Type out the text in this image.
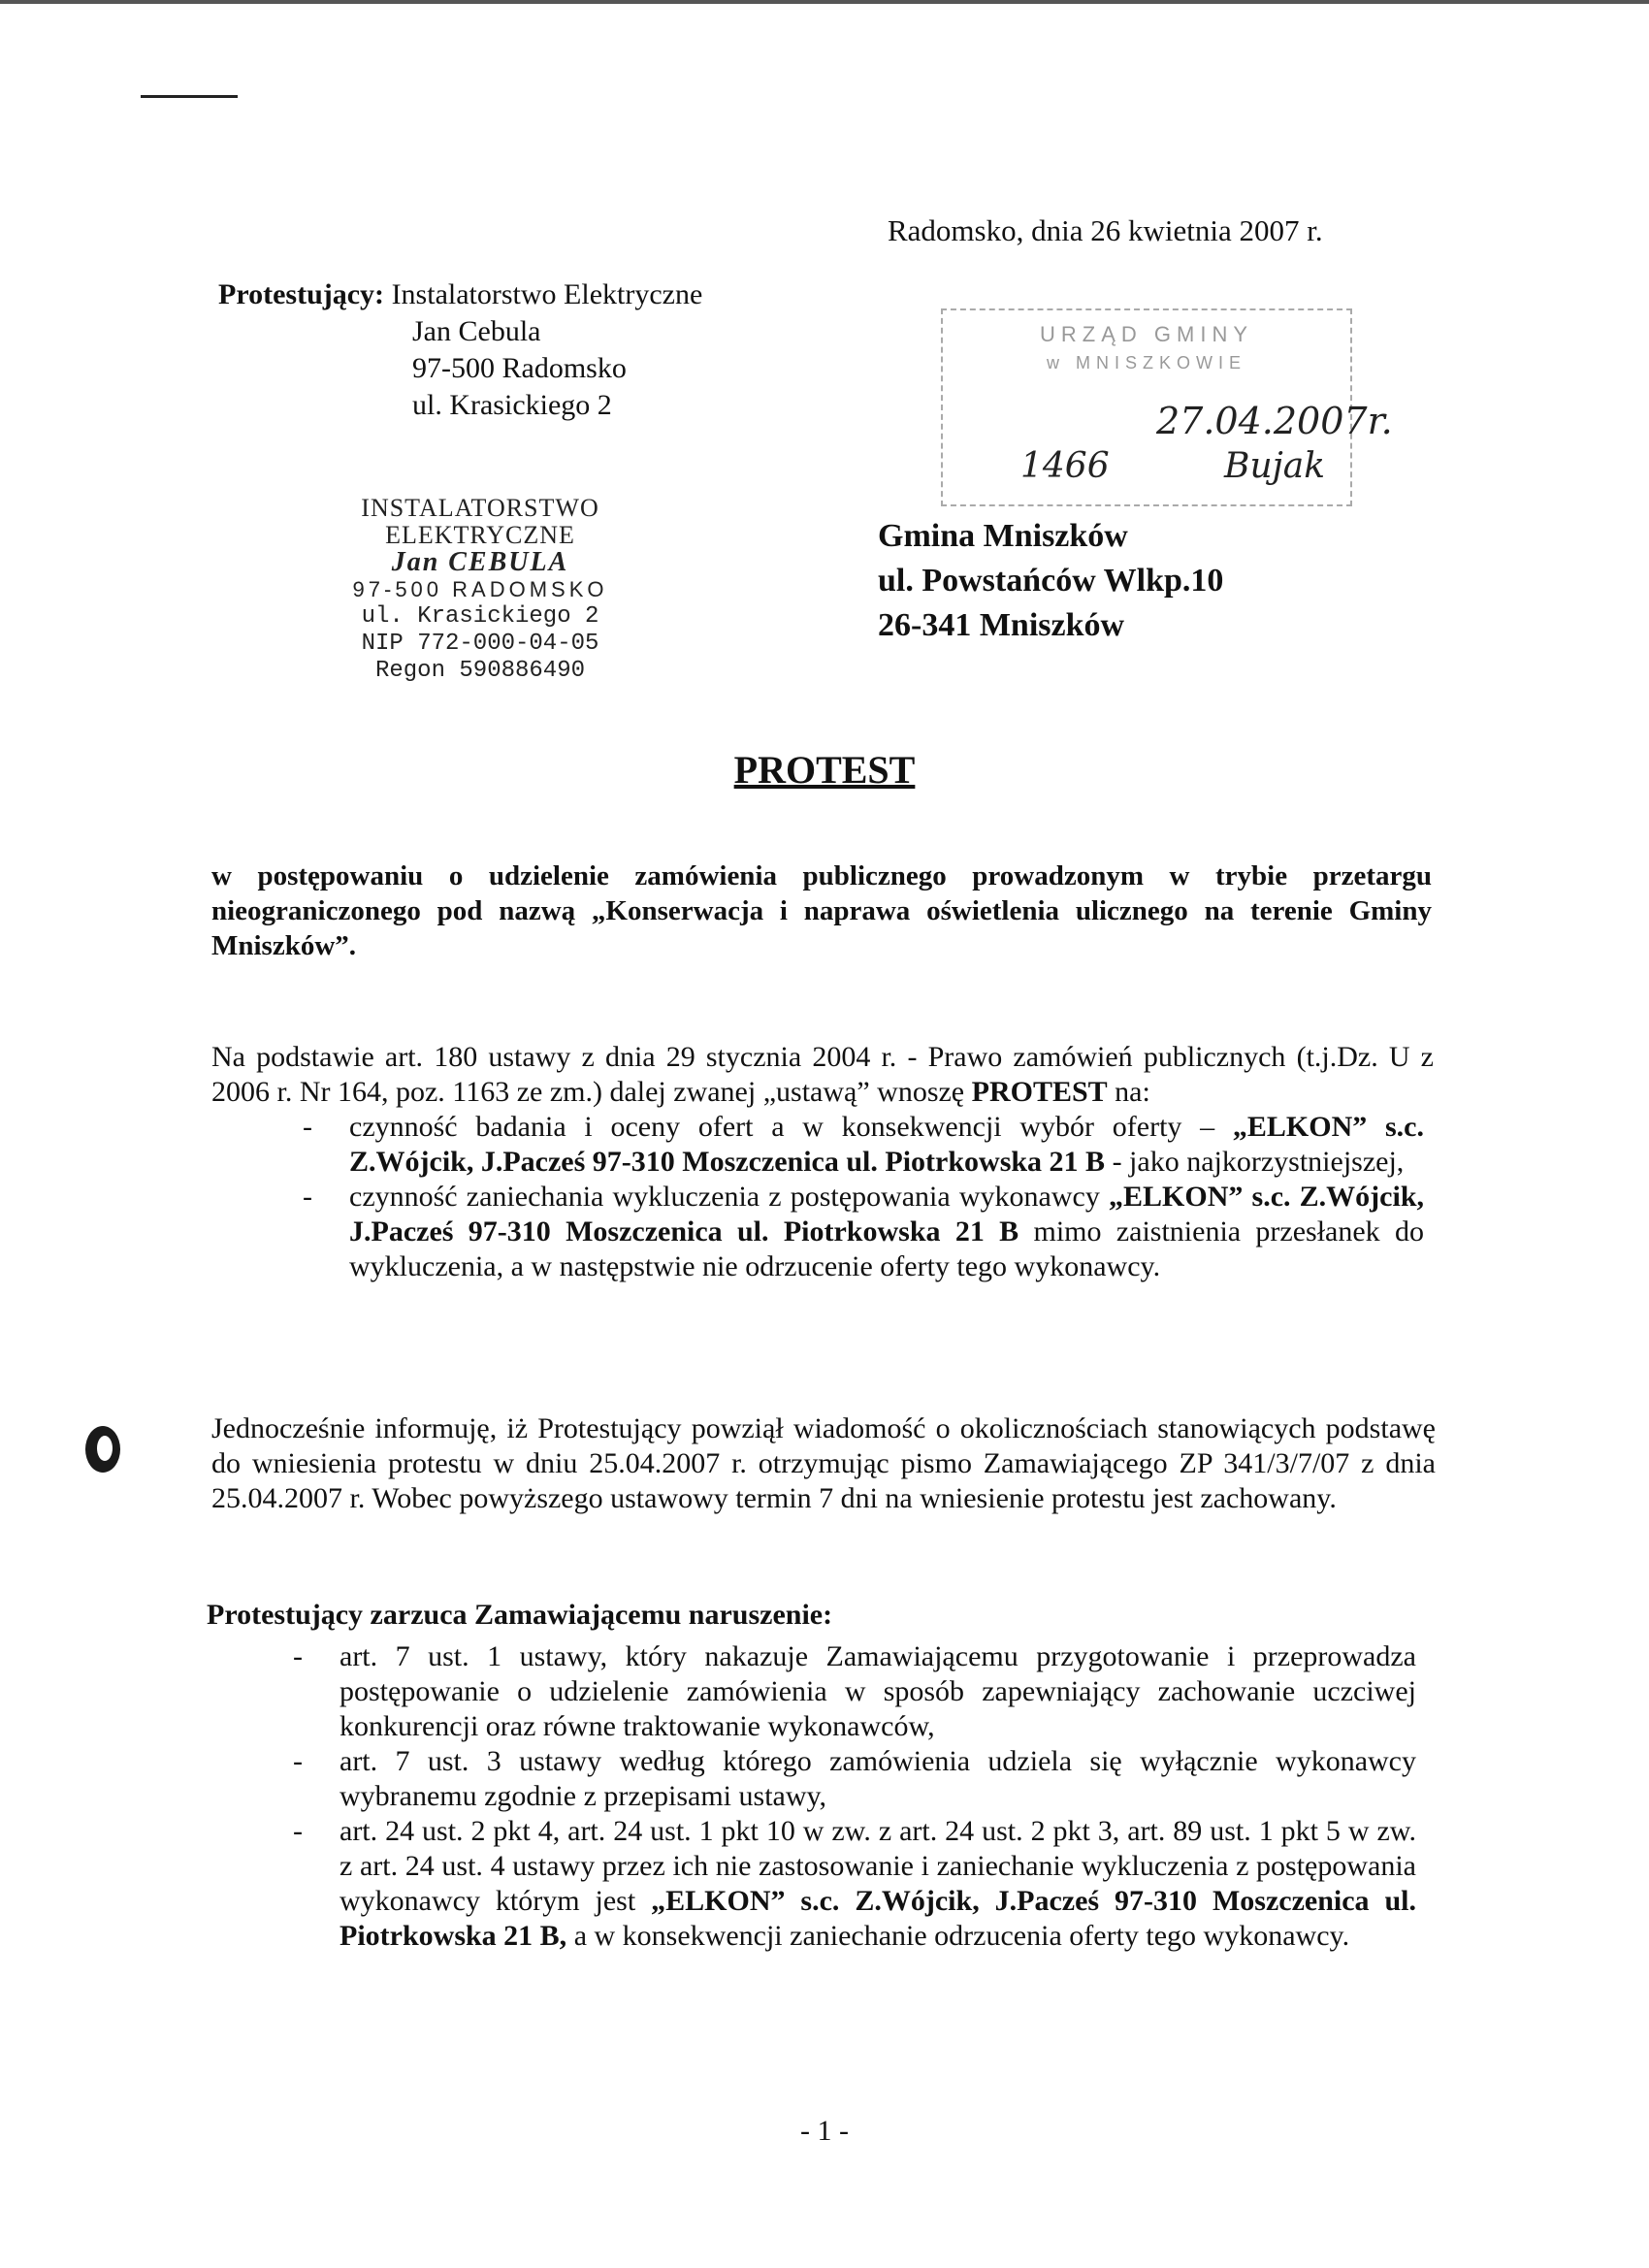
Radomsko, dnia 26 kwietnia 2007 r.
Protestujący: Instalatorstwo Elektryczne
Jan Cebula
97-500 Radomsko
ul. Krasickiego 2
INSTALATORSTWO ELEKTRYCZNE
Jan CEBULA
97-500 RADOMSKO
ul. Krasickiego 2
NIP 772-000-04-05
Regon 590886490
URZĄD GMINY
w MNISZKOWIE
27.04.2007r.
1466	Bujak
Gmina Mniszków
ul. Powstańców Wlkp.10
26-341 Mniszków
PROTEST
w postępowaniu o udzielenie zamówienia publicznego prowadzonym w trybie przetargu nieograniczonego pod nazwą „Konserwacja i naprawa oświetlenia ulicznego na terenie Gminy Mniszków”.
Na podstawie art. 180 ustawy z dnia 29 stycznia 2004 r. - Prawo zamówień publicznych (t.j.Dz. U z 2006 r. Nr 164, poz. 1163 ze zm.) dalej zwanej „ustawą” wnoszę PROTEST na:
- czynność badania i oceny ofert a w konsekwencji wybór oferty – „ELKON” s.c. Z.Wójcik, J.Pacześ 97-310 Moszczenica ul. Piotrkowska 21 B - jako najkorzystniejszej,
- czynność zaniechania wykluczenia z postępowania wykonawcy „ELKON” s.c. Z.Wójcik, J.Pacześ 97-310 Moszczenica ul. Piotrkowska 21 B mimo zaistnienia przesłanek do wykluczenia, a w następstwie nie odrzucenie oferty tego wykonawcy.
Jednocześnie informuję, iż Protestujący powziął wiadomość o okolicznościach stanowiących podstawę do wniesienia protestu w dniu 25.04.2007 r. otrzymując pismo Zamawiającego ZP 341/3/7/07 z dnia 25.04.2007 r. Wobec powyższego ustawowy termin 7 dni na wniesienie protestu jest zachowany.
Protestujący zarzuca Zamawiającemu naruszenie:
- art. 7 ust. 1 ustawy, który nakazuje Zamawiającemu przygotowanie i przeprowadza postępowanie o udzielenie zamówienia w sposób zapewniający zachowanie uczciwej konkurencji oraz równe traktowanie wykonawców,
- art. 7 ust. 3 ustawy według którego zamówienia udziela się wyłącznie wykonawcy wybranemu zgodnie z przepisami ustawy,
- art. 24 ust. 2 pkt 4, art. 24 ust. 1 pkt 10 w zw. z art. 24 ust. 2 pkt 3, art. 89 ust. 1 pkt 5 w zw. z art. 24 ust. 4 ustawy przez ich nie zastosowanie i zaniechanie wykluczenia z postępowania wykonawcy którym jest „ELKON” s.c. Z.Wójcik, J.Pacześ 97-310 Moszczenica ul. Piotrkowska 21 B, a w konsekwencji zaniechanie odrzucenia oferty tego wykonawcy.
- 1 -
